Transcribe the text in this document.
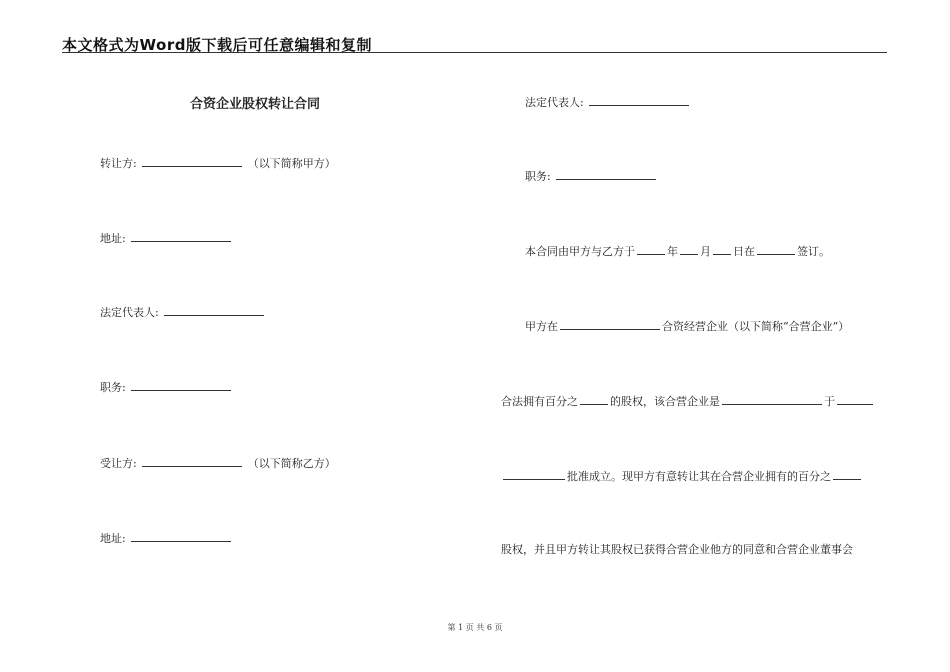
本文格式为Word版下载后可任意编辑和复制
合资企业股权转让合同
转让方:	（以下简称甲方）
地址:
法定代表人:
职务:
受让方:	（以下简称乙方）
地址:
法定代表人:
职务:
本合同由甲方与乙方于	年 月 日在	签订。
甲方在	合资经营企业（以下简称“合营企业”）
合法拥有百分之	的股权，该合营企业是	于
批准成立。现甲方有意转让其在合营企业拥有的百分之
股权，并且甲方转让其股权已获得合营企业他方的同意和合营企业董事会
第 1 页 共 6 页
